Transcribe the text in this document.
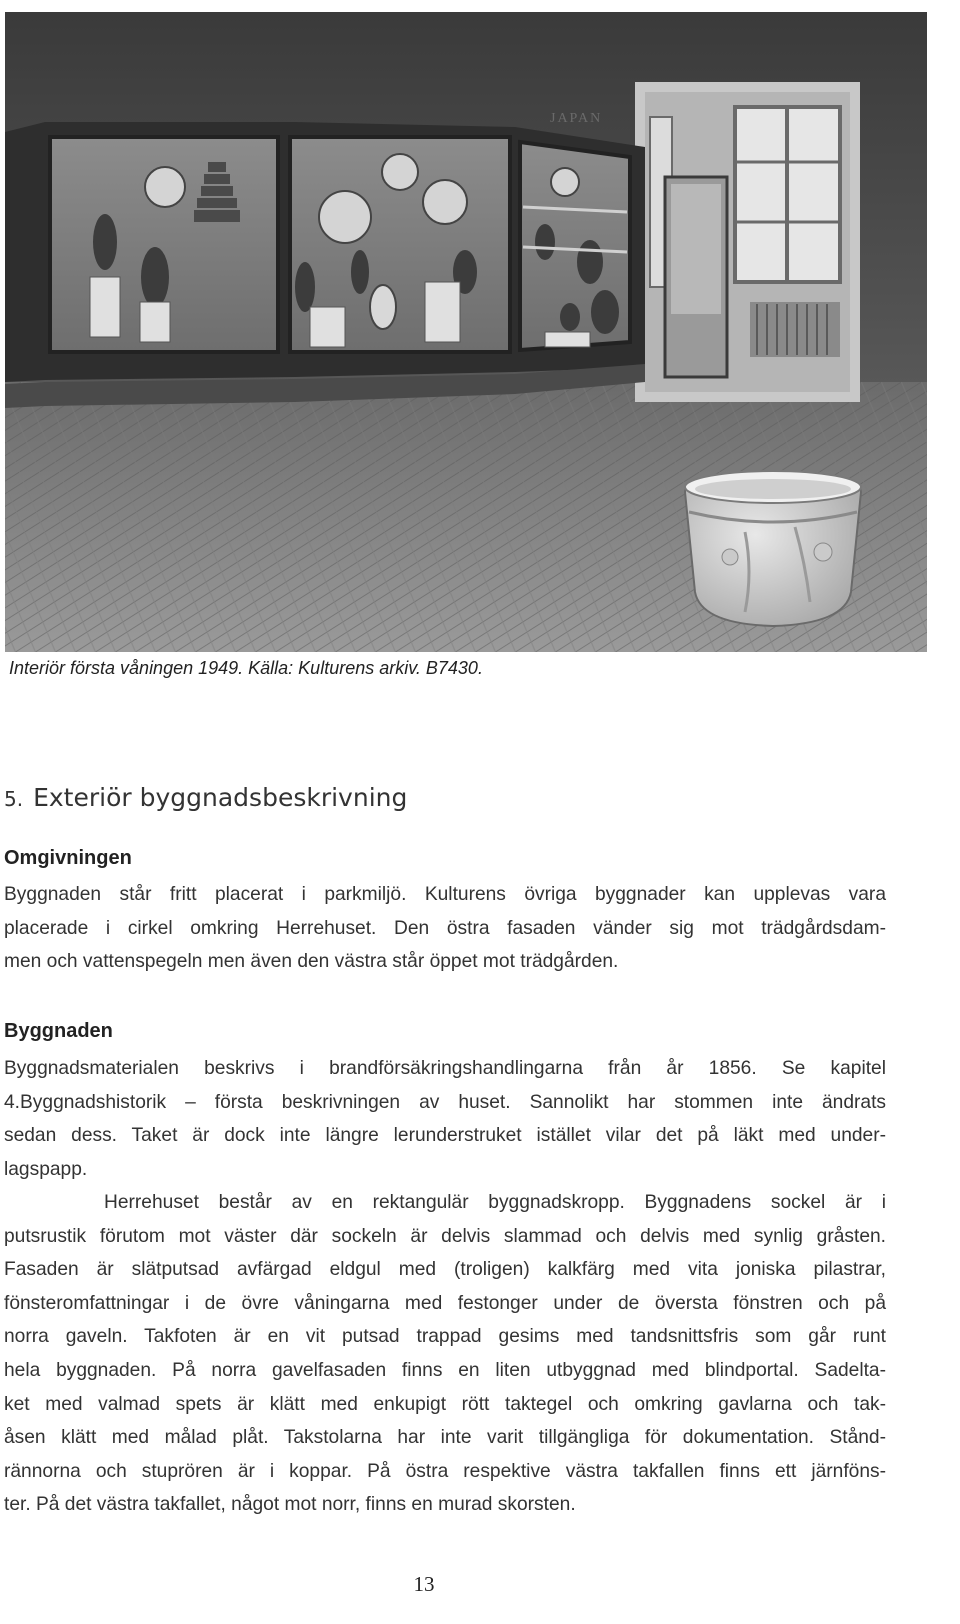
JAPAN
Interiör första våningen 1949. Källa: Kulturens arkiv. B7430.
5. Exteriör byggnadsbeskrivning
Omgivningen
Byggnaden står fritt placerat i parkmiljö. Kulturens övriga byggnader kan upplevas vara
placerade i cirkel omkring Herrehuset. Den östra fasaden vänder sig mot trädgårdsdam-
men och vattenspegeln men även den västra står öppet mot trädgården.
Byggnaden
Byggnadsmaterialen beskrivs i brandförsäkringshandlingarna från år 1856. Se kapitel
4.Byggnadshistorik – första beskrivningen av huset. Sannolikt har stommen inte ändrats
sedan dess. Taket är dock inte längre lerunderstruket istället vilar det på läkt med under-
lagspapp.
Herrehuset består av en rektangulär byggnadskropp. Byggnadens sockel är i
putsrustik förutom mot väster där sockeln är delvis slammad och delvis med synlig gråsten.
Fasaden är slätputsad avfärgad eldgul med (troligen) kalkfärg med vita joniska pilastrar,
fönsteromfattningar i de övre våningarna med festonger under de översta fönstren och på
norra gaveln. Takfoten är en vit putsad trappad gesims med tandsnittsfris som går runt
hela byggnaden. På norra gavelfasaden finns en liten utbyggnad med blindportal. Sadelta-
ket med valmad spets är klätt med enkupigt rött taktegel och omkring gavlarna och tak-
åsen klätt med målad plåt. Takstolarna har inte varit tillgängliga för dokumentation. Stånd-
rännorna och stuprören är i koppar. På östra respektive västra takfallen finns ett järnföns-
ter. På det västra takfallet, något mot norr, finns en murad skorsten.
13
